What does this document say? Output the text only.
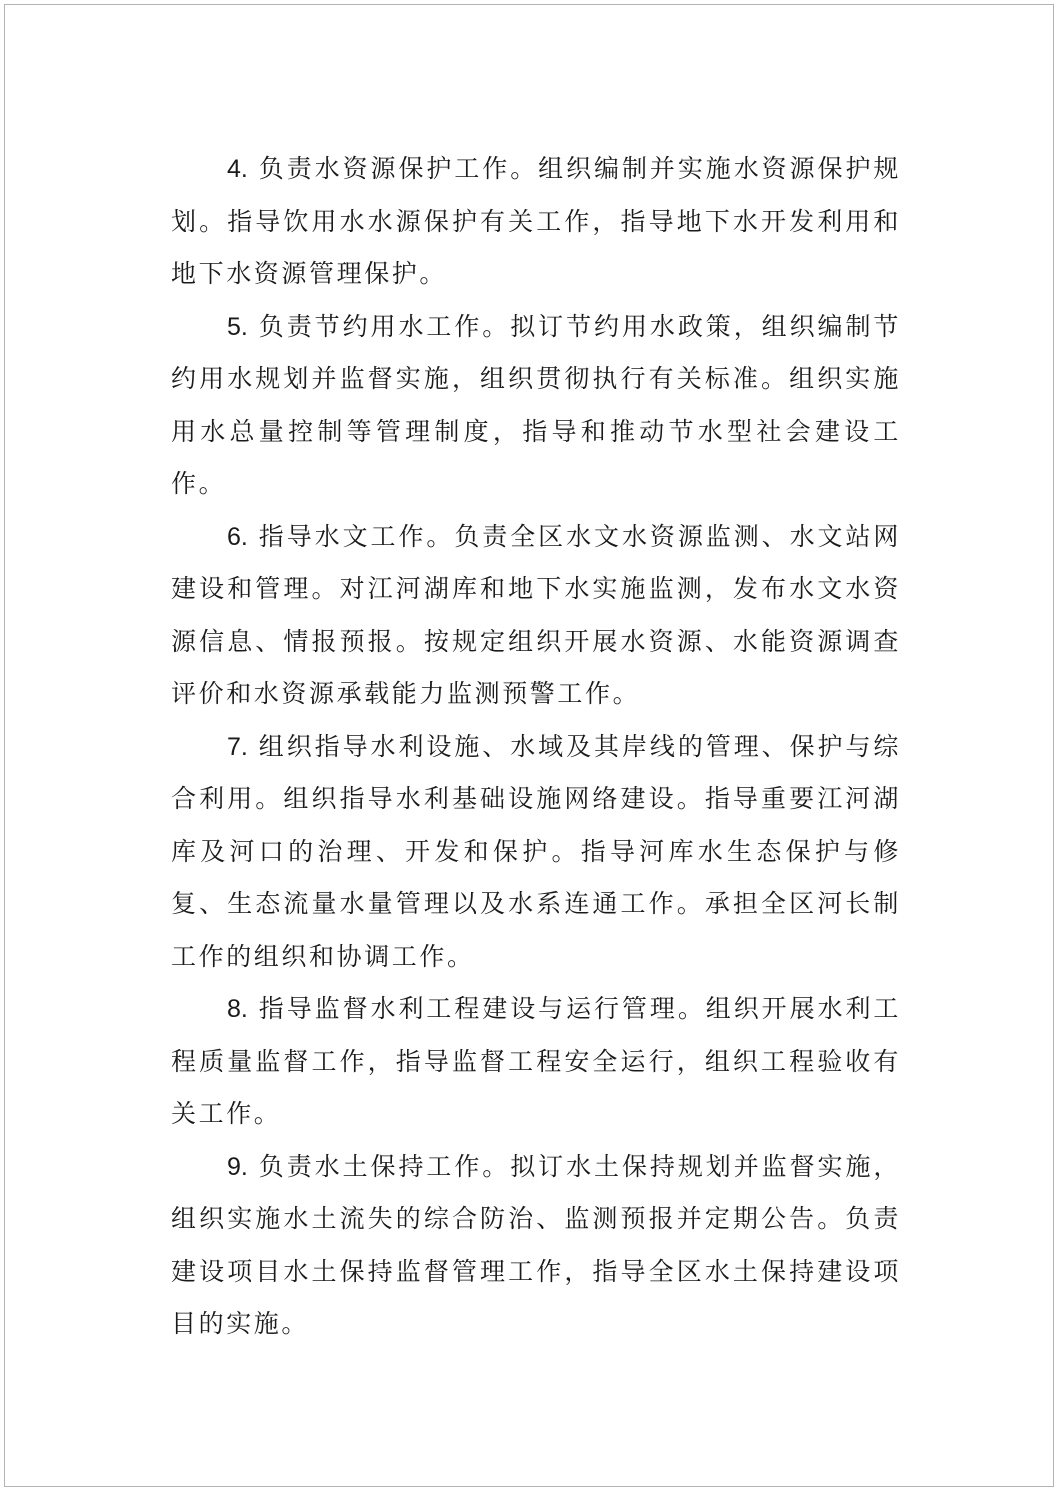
4. 负责水资源保护工作。组织编制并实施水资源保护规划。指导饮用水水源保护有关工作，指导地下水开发利用和地下水资源管理保护。

5. 负责节约用水工作。拟订节约用水政策，组织编制节约用水规划并监督实施，组织贯彻执行有关标准。组织实施用水总量控制等管理制度，指导和推动节水型社会建设工作。

6. 指导水文工作。负责全区水文水资源监测、水文站网建设和管理。对江河湖库和地下水实施监测，发布水文水资源信息、情报预报。按规定组织开展水资源、水能资源调查评价和水资源承载能力监测预警工作。

7. 组织指导水利设施、水域及其岸线的管理、保护与综合利用。组织指导水利基础设施网络建设。指导重要江河湖库及河口的治理、开发和保护。指导河库水生态保护与修复、生态流量水量管理以及水系连通工作。承担全区河长制工作的组织和协调工作。

8. 指导监督水利工程建设与运行管理。组织开展水利工程质量监督工作，指导监督工程安全运行，组织工程验收有关工作。

9. 负责水土保持工作。拟订水土保持规划并监督实施，组织实施水土流失的综合防治、监测预报并定期公告。负责建设项目水土保持监督管理工作，指导全区水土保持建设项目的实施。
